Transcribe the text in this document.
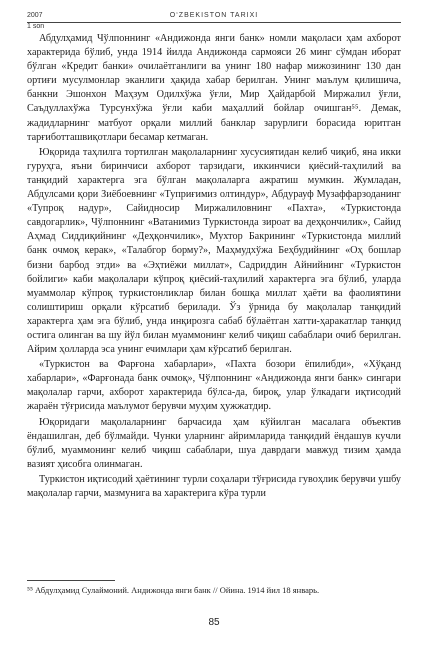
2007	O‘ZBEKISTON TARIXI
1 son

Абдулҳамид Чўлпоннинг «Андижонда янги банк» номли мақоласи ҳам ахборот характерида бўлиб, унда 1914 йилда Андижонда сармояси 26 минг сўмдан иборат бўлган «Кредит банки» очилаётганлиги ва унинг 180 нафар мижозининг 130 дан ортиғи мусулмонлар эканлиги ҳақида хабар берилган. Унинг маълум қилишича, банкни Эшонхон Маҳзум Одилхўжа ўғли, Мир Ҳайдарбой Миржалил ўғли, Саъдуллахўжа Турсунхўжа ўғли каби маҳаллий бойлар очишган⁵⁵. Демак, жадидларнинг матбуот орқали миллий банклар зарурлиги борасида юритган тарғиботташвиқотлари бесамар кетмаган.

Юқорида таҳлилга тортилган мақолаларнинг хусусиятидан келиб чиқиб, яна икки гуруҳга, яъни биринчиси ахборот тарзидаги, иккинчиси қиёсий-таҳлилий ва танқидий характерга эга бўлган мақолаларга ажратиш мумкин. Жумладан, Абдулсами қори Зиёбоевнинг «Туприғимиз олтиндур», Абдурауф Музаффарзоданинг «Тупроқ надур», Сайидносир Миржалиловнинг «Пахта», «Туркистонда савдогарлик», Чўлпоннинг «Ватанимиз Туркистонда зироат ва деҳқончилик», Сайид Аҳмад Сиддиқийнинг «Деҳқончилик», Мухтор Бакрининг «Туркистонда миллий банк очмоқ керак», «Талабгор борму?», Маҳмудхўжа Беҳбудийнинг «Оҳ бошлар бизни барбод этди» ва «Эҳтиёжи миллат», Садриддин Айнийнинг «Туркистон бойлиги» каби мақолалари кўпроқ қиёсий-таҳлилий характерга эга бўлиб, уларда муаммолар кўпроқ туркистонликлар билан бошқа миллат ҳаёти ва фаолиятини солиштириш орқали кўрсатиб берилади. Ўз ўрнида бу мақолалар танқидий характерга ҳам эга бўлиб, унда инқирозга сабаб бўлаётган хатти-ҳаракатлар танқид остига олинган ва шу йўл билан муаммонинг келиб чиқиш сабаблари очиб берилган. Айрим ҳолларда эса унинг ечимлари ҳам кўрсатиб берилган.

«Туркистон ва Фарғона хабарлари», «Пахта бозори ёпилибди», «Хўқанд хабарлари», «Фарғонада банк очмоқ», Чўлпоннинг «Андижонда янги банк» сингари мақолалар гарчи, ахборот характерида бўлса-да, бироқ, улар ўлкадаги иқтисодий жараён тўғрисида маълумот берувчи муҳим ҳужжатдир.

Юқоридаги мақолаларнинг барчасида ҳам кўйилган масалага объектив ёндашилган, деб бўлмайди. Чунки уларнинг айримларида танқидий ёндашув кучли бўлиб, муаммонинг келиб чиқиш сабаблари, шуа даврдаги мавжуд тизим ҳамда вазият ҳисобга олинмаган.

Туркистон иқтисодий ҳаётининг турли соҳалари тўғрисида гувоҳлик берувчи ушбу мақолалар гарчи, мазмунига ва характерига кўра турли

⁵⁵ Абдулҳамид Сулаймоний. Андижонда янги банк // Ойина. 1914 йил 18 январь.
85
